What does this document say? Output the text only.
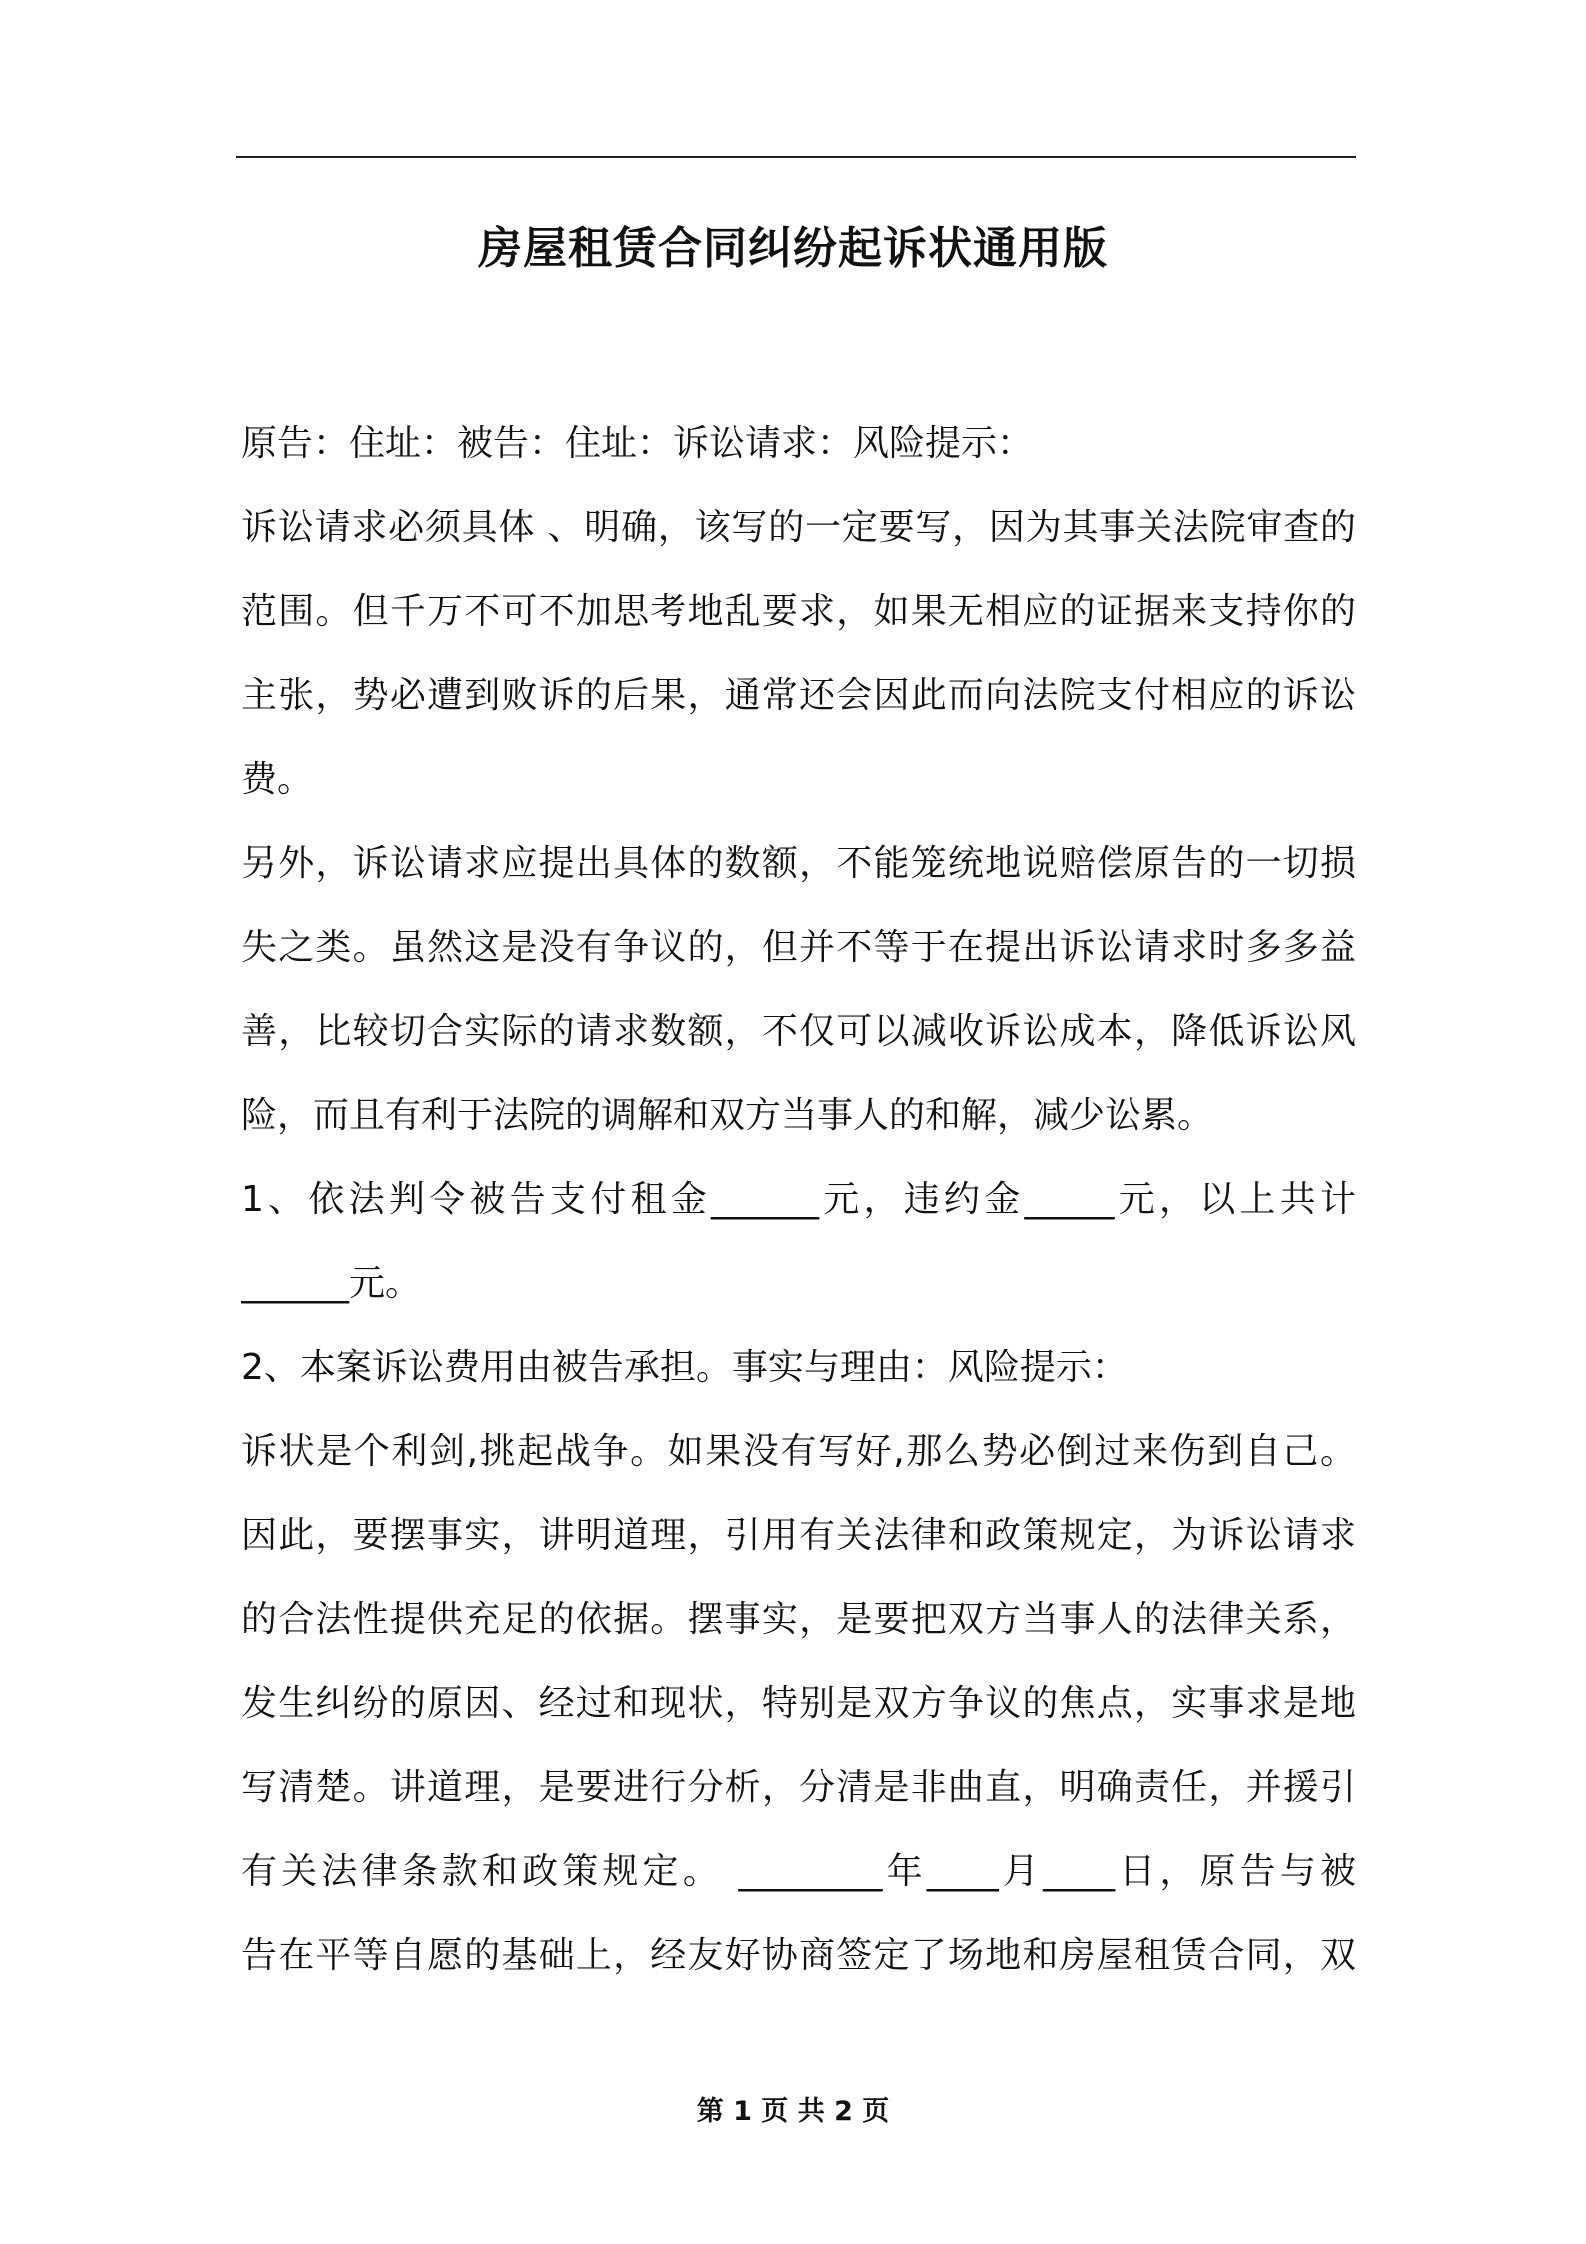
房屋租赁合同纠纷起诉状通用版
原告：住址：被告：住址：诉讼请求：风险提示：
诉讼请求必须具体 、明确，该写的一定要写，因为其事关法院审查的
范围。但千万不可不加思考地乱要求，如果无相应的证据来支持你的
主张，势必遭到败诉的后果，通常还会因此而向法院支付相应的诉讼
费。
另外，诉讼请求应提出具体的数额，不能笼统地说赔偿原告的一切损
失之类。虽然这是没有争议的，但并不等于在提出诉讼请求时多多益
善，比较切合实际的请求数额，不仅可以减收诉讼成本，降低诉讼风
险，而且有利于法院的调解和双方当事人的和解，减少讼累。
1、依法判令被告支付租金______元，违约金_____元，以上共计
______元。
2、本案诉讼费用由被告承担。事实与理由：风险提示：
诉状是个利剑,挑起战争。如果没有写好,那么势必倒过来伤到自己。
因此，要摆事实，讲明道理，引用有关法律和政策规定，为诉讼请求
的合法性提供充足的依据。摆事实，是要把双方当事人的法律关系，
发生纠纷的原因、经过和现状，特别是双方争议的焦点，实事求是地
写清楚。讲道理，是要进行分析，分清是非曲直，明确责任，并援引
有关法律条款和政策规定。 ________年____月____日，原告与被
告在平等自愿的基础上，经友好协商签定了场地和房屋租赁合同，双
第 1 页 共 2 页
